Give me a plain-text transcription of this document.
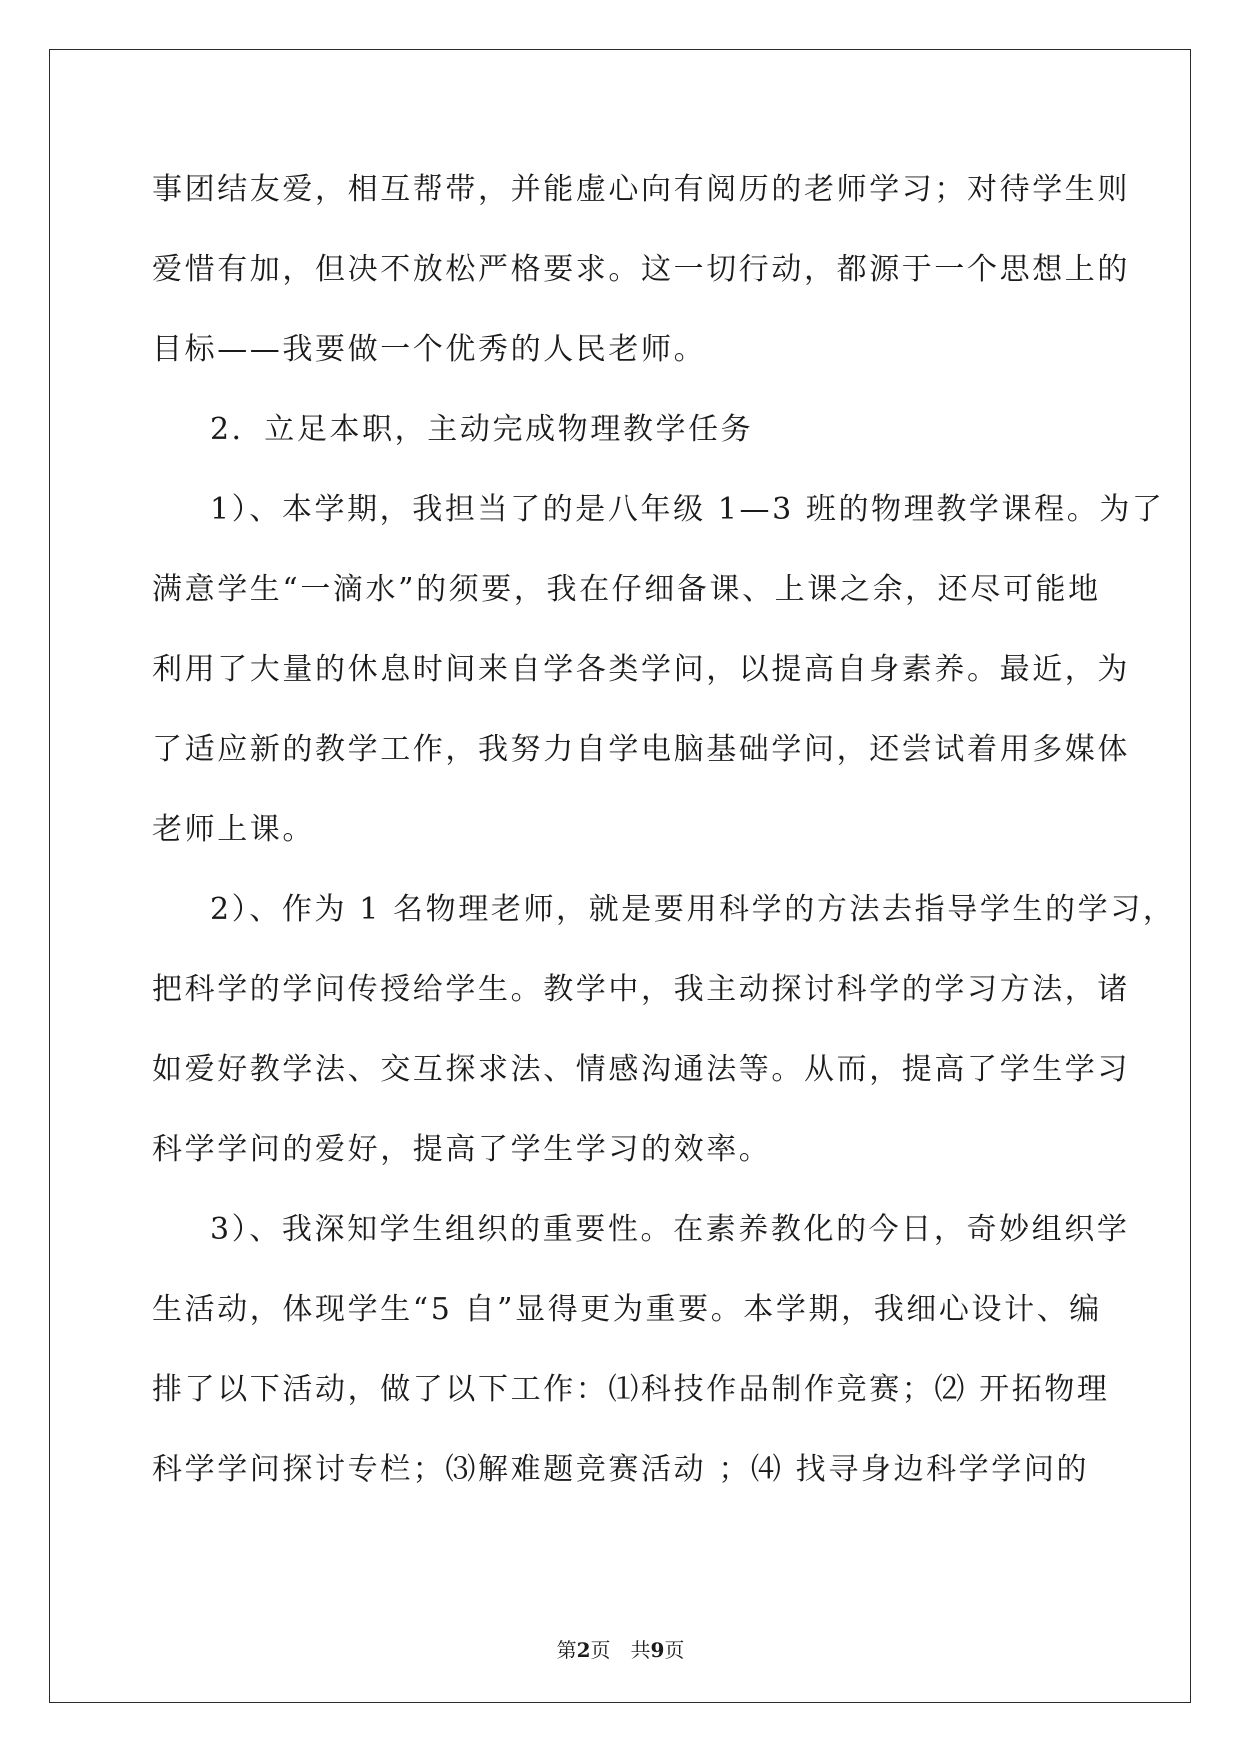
事团结友爱，相互帮带，并能虚心向有阅历的老师学习；对待学生则
爱惜有加，但决不放松严格要求。这一切行动，都源于一个思想上的
目标——我要做一个优秀的人民老师。
2．立足本职，主动完成物理教学任务
1）、本学期，我担当了的是八年级 1—3 班的物理教学课程。为了
满意学生“一滴水”的须要，我在仔细备课、上课之余，还尽可能地
利用了大量的休息时间来自学各类学问，以提高自身素养。最近，为
了适应新的教学工作，我努力自学电脑基础学问，还尝试着用多媒体
老师上课。
2）、作为 1 名物理老师，就是要用科学的方法去指导学生的学习，
把科学的学问传授给学生。教学中，我主动探讨科学的学习方法，诸
如爱好教学法、交互探求法、情感沟通法等。从而，提高了学生学习
科学学问的爱好，提高了学生学习的效率。
3）、我深知学生组织的重要性。在素养教化的今日，奇妙组织学
生活动，体现学生“5 自”显得更为重要。本学期，我细心设计、编
排了以下活动，做了以下工作：⑴科技作品制作竞赛；⑵ 开拓物理
科学学问探讨专栏；⑶解难题竞赛活动 ；⑷ 找寻身边科学学问的
第2页 共9页
